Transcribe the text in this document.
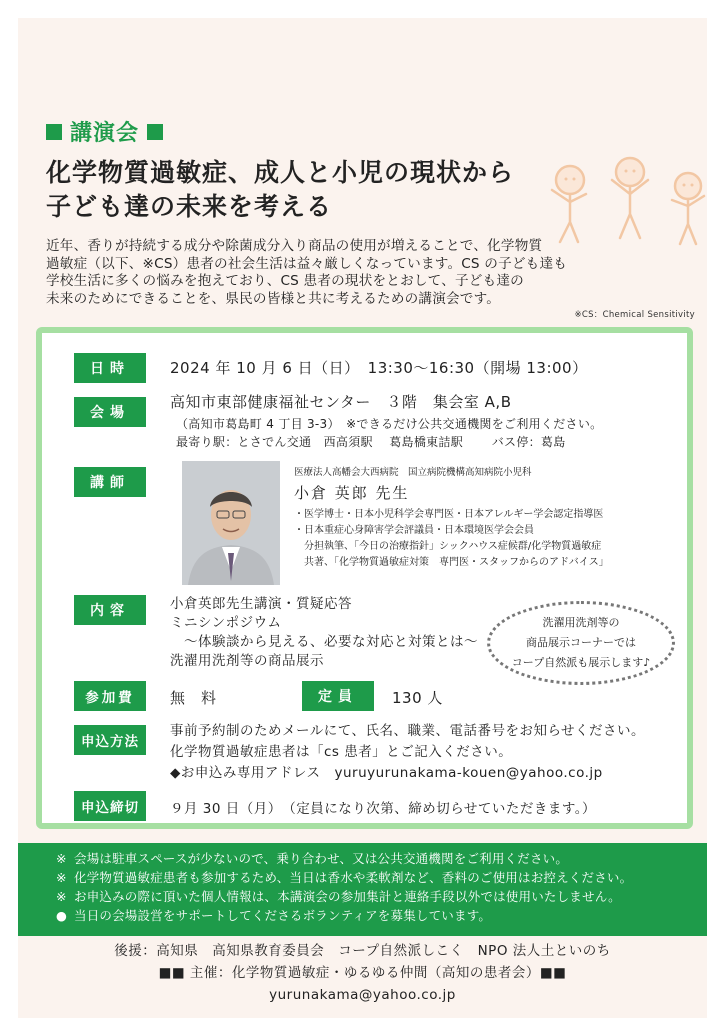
講演会
化学物質過敏症、成人と小児の現状から
子ども達の未来を考える
近年、香りが持続する成分や除菌成分入り商品の使用が増えることで、化学物質
過敏症（以下、※CS）患者の社会生活は益々厳しくなっています。CS の子ども達も
学校生活に多くの悩みを抱えており、CS 患者の現状をとおして、子ども達の
未来のためにできることを、県民の皆様と共に考えるための講演会です。
※CS：Chemical Sensitivity
日時	2024 年 10 月 6 日（日）　13:30～16:30（開場 13:00）
会場
高知市東部健康福祉センター　３階　集会室 A,B
（高知市葛島町 4 丁目 3-3）　※できるだけ公共交通機関をご利用ください。
最寄り駅：とさでん交通　西高須駅　 葛島橋東詰駅　　 バス停：葛島
講師
医療法人高幡会大西病院　国立病院機構高知病院小児科
小倉 英郎 先生
・医学博士・日本小児科学会専門医・日本アレルギー学会認定指導医
・日本重症心身障害学会評議員・日本環境医学会会員
　分担執筆、「今日の治療指針」シックハウス症候群/化学物質過敏症
　共著、「化学物質過敏症対策　専門医・スタッフからのアドバイス」
内容	小倉英郎先生講演・質疑応答
ミニシンポジウム
　～体験談から見える、必要な対応と対策とは～
洗濯用洗剤等の商品展示
洗濯用洗剤等の
商品展示コーナーでは
コープ自然派も展示します♪
参加費	無　料	定員	130 人
申込方法
事前予約制のためメールにて、氏名、職業、電話番号をお知らせください。
化学物質過敏症患者は「cs 患者」とご記入ください。
◆お申込み専用アドレス　yuruyurunakama-kouen@yahoo.co.jp
申込締切	９月 30 日（月）　（定員になり次第、締め切らせていただきます。）
※ 会場は駐車スペースが少ないので、乗り合わせ、又は公共交通機関をご利用ください。
※ 化学物質過敏症患者も参加するため、当日は香水や柔軟剤など、香料のご使用はお控えください。
※ お申込みの際に頂いた個人情報は、本講演会の参加集計と連絡手段以外では使用いたしません。
● 当日の会場設営をサポートしてくださるボランティアを募集しています。
後援：高知県　高知県教育委員会　コープ自然派しこく　NPO 法人土といのち
■■ 主催：化学物質過敏症・ゆるゆる仲間（高知の患者会）■■
yurunakama@yahoo.co.jp
